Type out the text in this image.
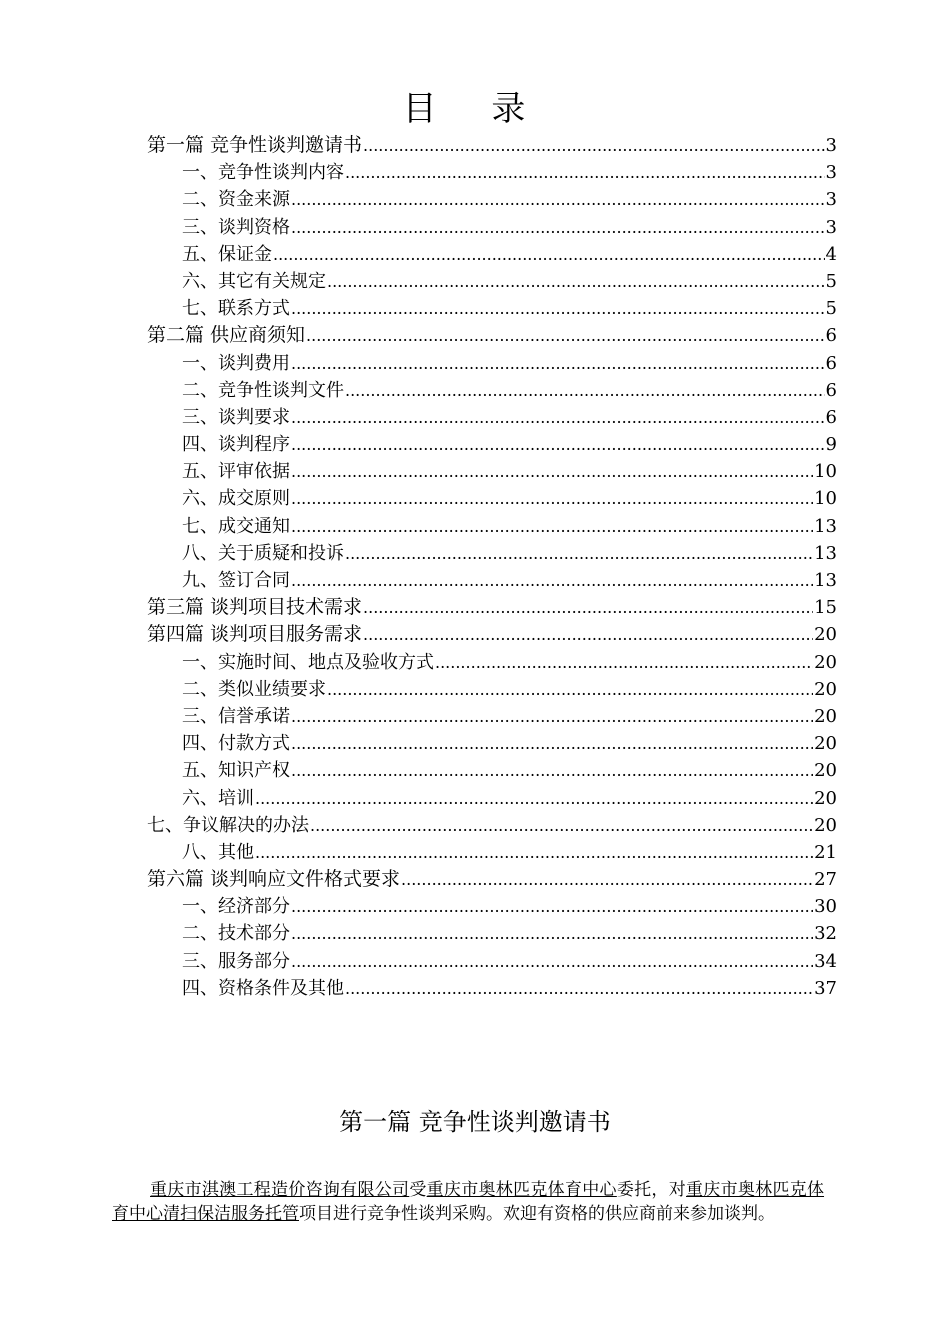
目 录
第一篇 竞争性谈判邀请书 .....	3
一、竞争性谈判内容 .....	3
二、资金来源 .....	3
三、谈判资格 .....	3
五、保证金 .....	4
六、其它有关规定 .....	5
七、联系方式 .....	5
第二篇 供应商须知 .....	6
一、谈判费用 .....	6
二、竞争性谈判文件 .....	6
三、谈判要求 .....	6
四、谈判程序 .....	9
五、评审依据 .....	10
六、成交原则 .....	10
七、成交通知 .....	13
八、关于质疑和投诉 .....	13
九、签订合同 .....	13
第三篇 谈判项目技术需求 .....	15
第四篇 谈判项目服务需求 .....	20
一、实施时间、地点及验收方式 .....	20
二、类似业绩要求 .....	20
三、信誉承诺 .....	20
四、付款方式 .....	20
五、知识产权 .....	20
六、培训 .....	20
七、争议解决的办法 .....	20
八、其他 .....	21
第六篇 谈判响应文件格式要求 .....	27
一、经济部分 .....	30
二、技术部分 .....	32
三、服务部分 .....	34
四、资格条件及其他 .....	37
第一篇 竞争性谈判邀请书
重庆市淇澳工程造价咨询有限公司受重庆市奥林匹克体育中心委托，对重庆市奥林匹克体育中心清扫保洁服务托管项目进行竞争性谈判采购。欢迎有资格的供应商前来参加谈判。
